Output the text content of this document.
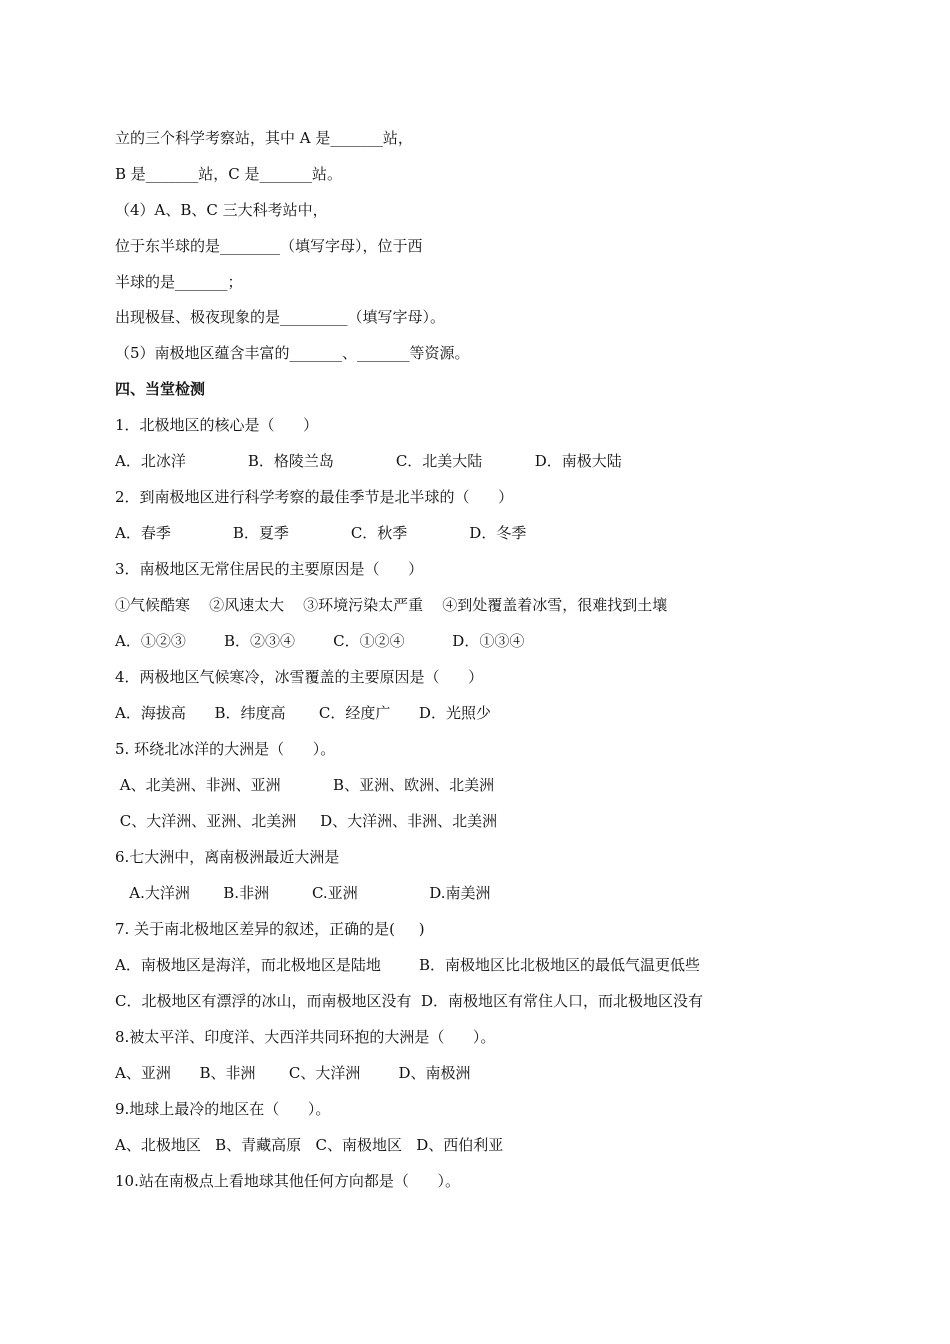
立的三个科学考察站，其中 A 是_______站，
B 是_______站，C 是_______站。
（4）A、B、C 三大科考站中，
位于东半球的是________（填写字母），位于西
半球的是_______；
出现极昼、极夜现象的是_________（填写字母）。
（5）南极地区蕴含丰富的_______、_______等资源。
四、当堂检测
1．北极地区的核心是（      ）
A．北冰洋             B．格陵兰岛             C．北美大陆           D．南极大陆
2．到南极地区进行科学考察的最佳季节是北半球的（      ）
A．春季             B．夏季             C．秋季             D．冬季
3．南极地区无常住居民的主要原因是（      ）
①气候酷寒    ②风速太大    ③环境污染太严重    ④到处覆盖着冰雪，很难找到土壤
A．①②③        B．②③④        C．①②④          D．①③④
4．两极地区气候寒冷，冰雪覆盖的主要原因是（      ）
A．海拔高      B．纬度高       C．经度广      D．光照少
5. 环绕北冰洋的大洲是（      ）。
A、北美洲、非洲、亚洲           B、亚洲、欧洲、北美洲
C、大洋洲、亚洲、北美洲     D、大洋洲、非洲、北美洲
6.七大洲中，离南极洲最近大洲是
A.大洋洲       B.非洲         C.亚洲               D.南美洲
7. 关于南北极地区差异的叙述，正确的是(     )
A．南极地区是海洋，而北极地区是陆地        B．南极地区比北极地区的最低气温更低些
C．北极地区有漂浮的冰山，而南极地区没有  D．南极地区有常住人口，而北极地区没有
8.被太平洋、印度洋、大西洋共同环抱的大洲是（      ）。
A、亚洲      B、非洲       C、大洋洲        D、南极洲
9.地球上最冷的地区在（      ）。
A、北极地区   B、青藏高原   C、南极地区   D、西伯利亚
10.站在南极点上看地球其他任何方向都是（      ）。
